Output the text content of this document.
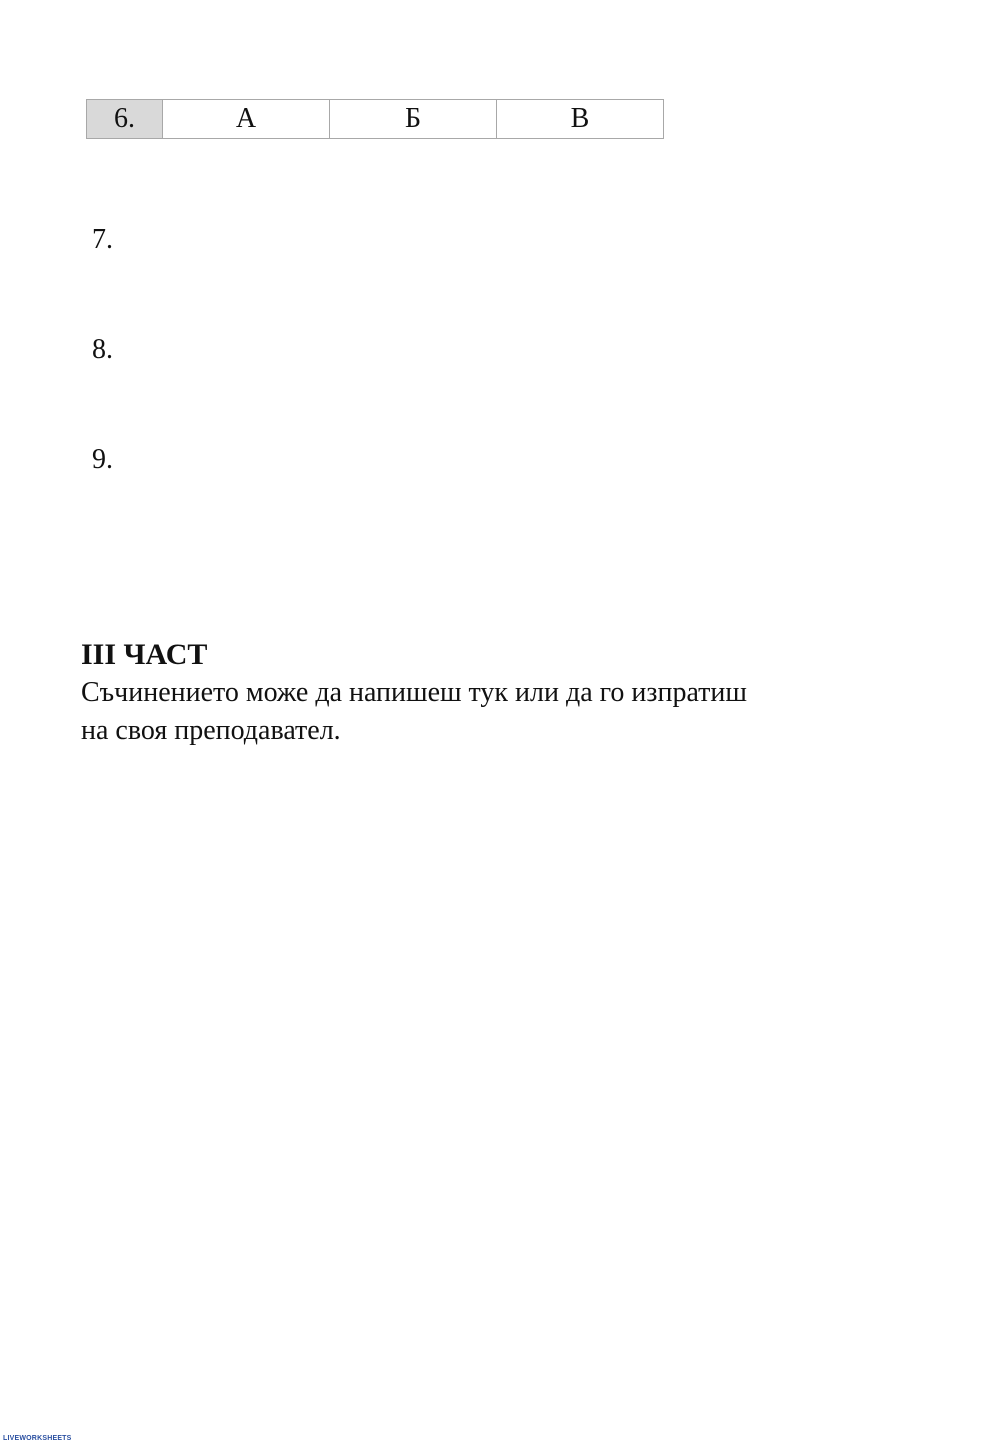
6.	А	Б	В
7.
8.
9.

III ЧАСТ

Съчинението може да напишеш тук или да го изпратиш

на своя преподавател.

LIVEWORKSHEETS
